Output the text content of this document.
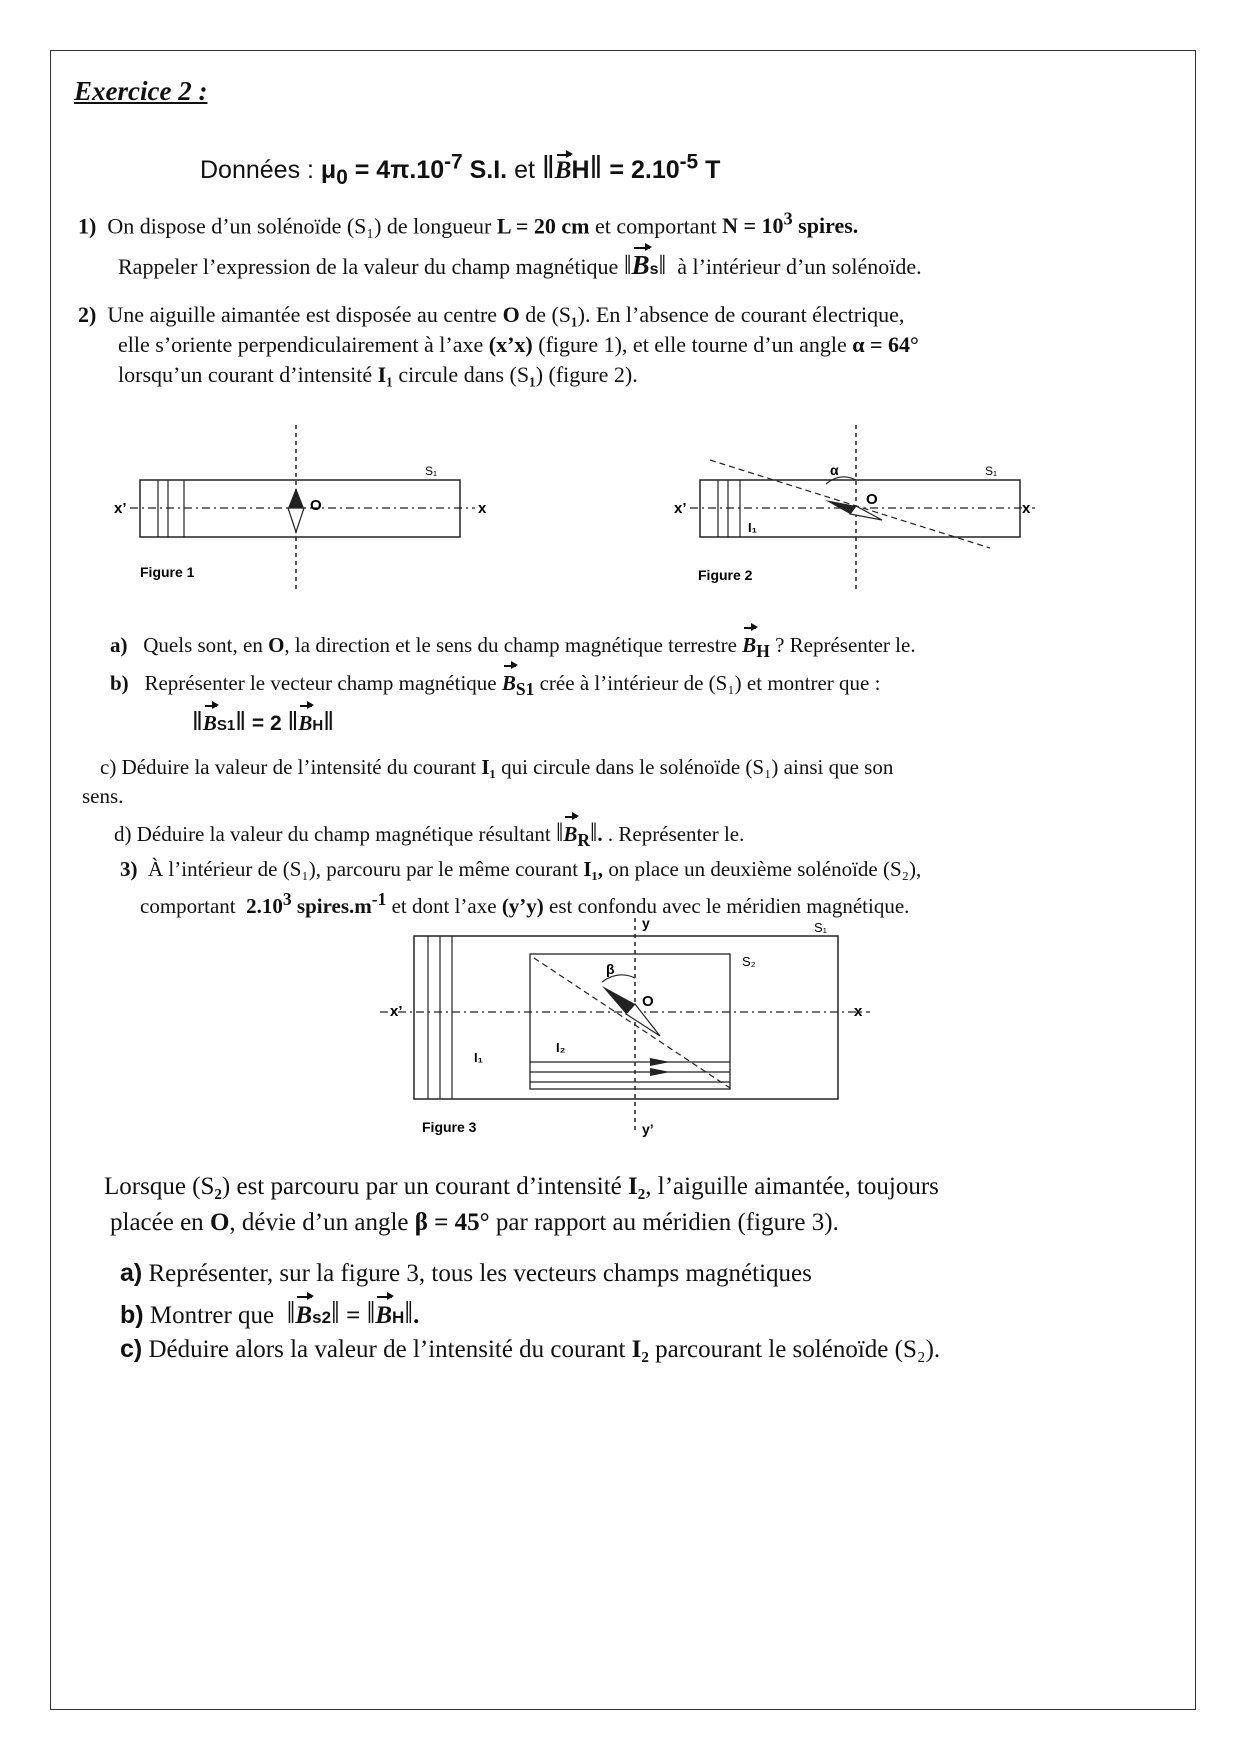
Exercice 2 :
Données : $\mu_0 = 4\pi.10^{-7}$ S.I. et ‖BH‖ = $2.10^{-5}$ T
1) On dispose d’un solénoïde (S₁) de longueur L = 20 cm et comportant $N = 10^3$ spires.
Rappeler l’expression de la valeur du champ magnétique ‖Bs‖ à l’intérieur d’un solénoïde.
2) Une aiguille aimantée est disposée au centre O de (S₁). En l’absence de courant électrique,
elle s’oriente perpendiculairement à l’axe (x’x) (figure 1), et elle tourne d’un angle α = 64°
lorsqu’un courant d’intensité I₁ circule dans (S₁) (figure 2).
x’	x
O
S₁
Figure 1
x’	x
O
S₁
I₁
α
Figure 2
a) Quels sont, en O, la direction et le sens du champ magnétique terrestre $B_H$ ? Représenter le.
b) Représenter le vecteur champ magnétique $B_{S1}$ crée à l’intérieur de (S₁) et montrer que :
‖BS1‖ = 2 ‖BH‖
c) Déduire la valeur de l’intensité du courant I₁ qui circule dans le solénoïde (S₁) ainsi que son
sens.
d) Déduire la valeur du champ magnétique résultant $‖B_R‖$. . Représenter le.
3) À l’intérieur de (S₁), parcouru par le même courant I₁, on place un deuxième solénoïde (S₂),
comportant 2.10$^3$ $spires.m^{-1}$ et dont l’axe (y’y) est confondu avec le méridien magnétique.
x’	x
O
y
y’
S₁
S₂
I₁
I₂
β
Figure 3
Lorsque (S₂) est parcouru par un courant d’intensité I₂, l’aiguille aimantée, toujours
placée en O, dévie d’un angle β = 45° par rapport au méridien (figure 3).
a) Représenter, sur la figure 3, tous les vecteurs champs magnétiques
b) Montrer que ‖Bs2‖ = ‖BH‖.
c) Déduire alors la valeur de l’intensité du courant I₂ parcourant le solénoïde (S₂).
